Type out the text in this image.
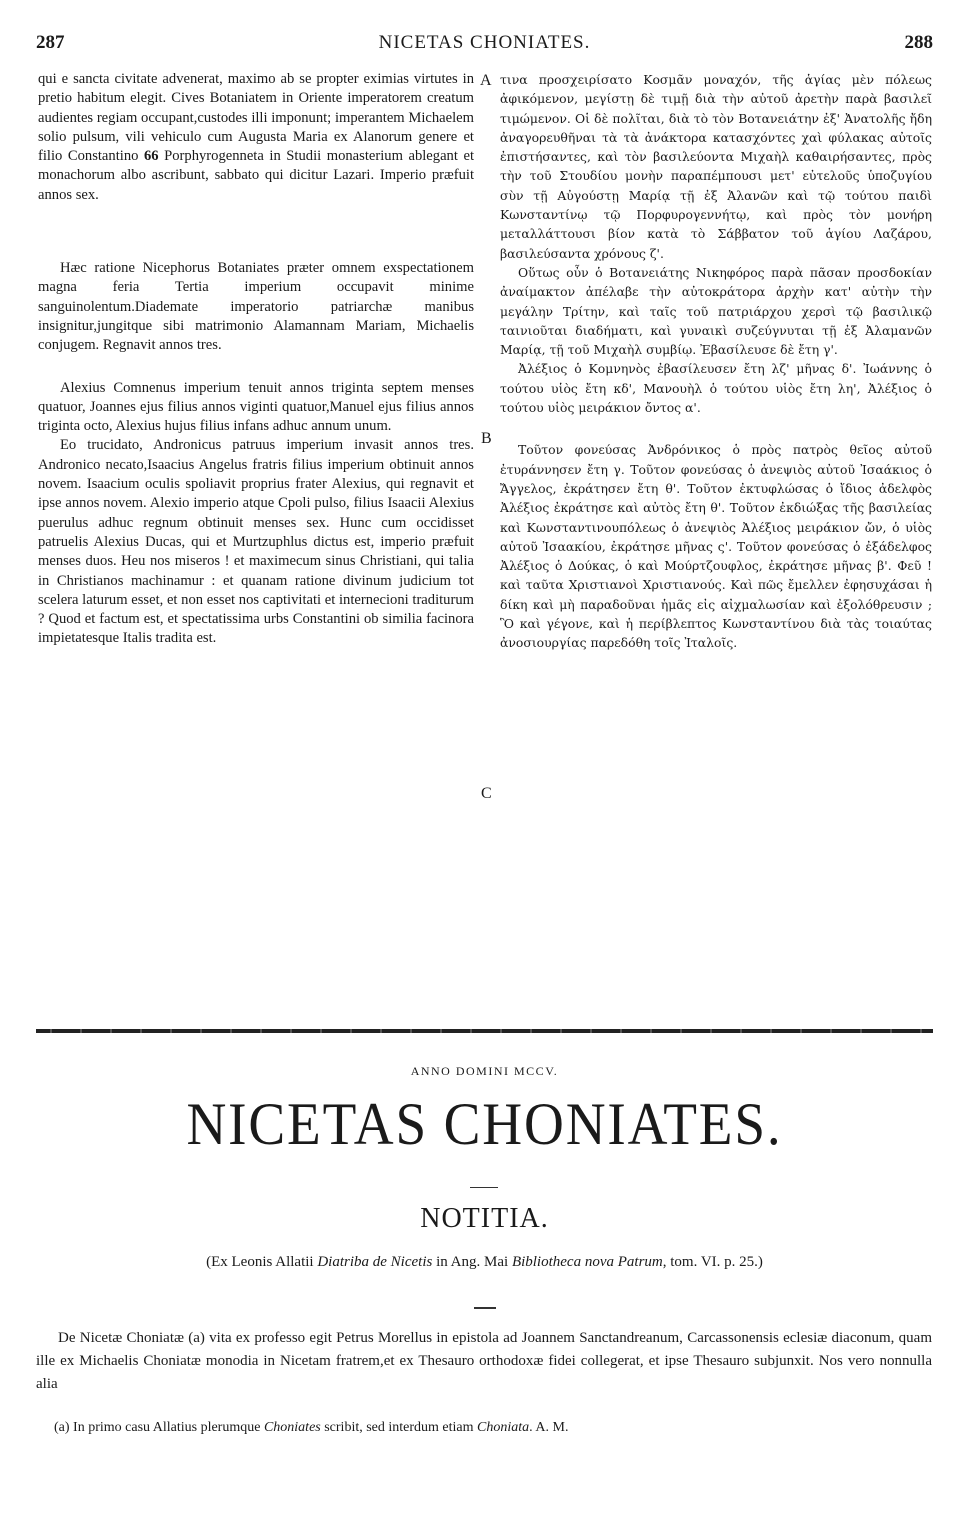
287	NICETAS CHONIATES.	288

qui e sancta civitate advenerat, maximo ab se propter eximias virtutes in pretio habitum elegit. Cives Botaniatem in Oriente imperatorem creatum audientes regiam occupant,custodes illi imponunt; imperantem Michaelem solio pulsum, vili vehiculo cum Augusta Maria ex Alanorum genere et filio Constantino 66 Porphyrogenneta in Studii monasterium ablegant et monachorum albo ascribunt, sabbato qui dicitur Lazari. Imperio præfuit annos sex.

Hæc ratione Nicephorus Botaniates præter omnem exspectationem magna feria Tertia imperium occupavit minime sanguinolentum.Diademate imperatorio patriarchæ manibus insignitur,jungitque sibi matrimonio Alamannam Mariam, Michaelis conjugem. Regnavit annos tres.

Alexius Comnenus imperium tenuit annos triginta septem menses quatuor, Joannes ejus filius annos viginti quatuor,Manuel ejus filius annos triginta octo, Alexius hujus filius infans adhuc annum unum.

Eo trucidato, Andronicus patruus imperium invasit annos tres. Andronico necato,Isaacius Angelus fratris filius imperium obtinuit annos novem. Isaacium oculis spoliavit proprius frater Alexius, qui regnavit et ipse annos novem. Alexio imperio atque Cpoli pulso, filius Isaacii Alexius puerulus adhuc regnum obtinuit menses sex. Hunc cum occidisset patruelis Alexius Ducas, qui et Murtzuphlus dictus est, imperio præfuit menses duos. Heu nos miseros ! et maximecum sinus Christiani, qui talia in Christianos machinamur : et quanam ratione divinum judicium tot scelera laturum esset, et non esset nos captivitati et internecioni traditurum ? Quod et factum est, et spectatissima urbs Constantini ob similia facinora impietatesque Italis tradita est.

A
B
C

τινα προσχειρίσατο Κοσμᾶν μοναχόν, τῆς ἁγίας μὲν πόλεως ἀφικόμενον, μεγίστῃ δὲ τιμῇ διὰ τὴν αὐτοῦ ἀρετὴν παρὰ βασιλεῖ τιμώμενον. Οἱ δὲ πολῖται, διὰ τὸ τὸν Βοτανειάτην ἐξ' Ἀνατολῆς ἤδη ἀναγορευθῆναι τὰ τὰ ἀνάκτορα κατασχόντες χαὶ φύλακας αὐτοῖς ἐπιστήσαντες, καὶ τὸν βασιλεύοντα Μιχαὴλ καθαιρήσαντες, πρὸς τὴν τοῦ Στουδίου μονὴν παραπέμπουσι μετ' εὐτελοῦς ὑποζυγίου σὺν τῇ Αὐγούστῃ Μαρίᾳ τῇ ἐξ Ἀλανῶν καὶ τῷ τούτου παιδὶ Κωνσταντίνῳ τῷ Πορφυρογεννήτῳ, καὶ πρὸς τὸν μονήρη μεταλλάττουσι βίον κατὰ τὸ Σάββατον τοῦ ἁγίου Λαζάρου, βασιλεύσαντα χρόνους ζ'.

Οὕτως οὖν ὁ Βοτανειάτης Νικηφόρος παρὰ πᾶσαν προσδοκίαν ἀναίμακτον ἀπέλαβε τὴν αὐτοκράτορα ἀρχὴν κατ' αὐτὴν τὴν μεγάλην Τρίτην, καὶ ταῖς τοῦ πατριάρχου χερσὶ τῷ βασιλικῷ ταινιοῦται διαδήματι, καὶ γυναικὶ συζεύγνυται τῇ ἐξ Ἀλαμανῶν Μαρίᾳ, τῇ τοῦ Μιχαὴλ συμβίῳ. Ἐβασίλευσε δὲ ἔτη γ'.

Ἀλέξιος ὁ Κομνηνὸς ἐβασίλευσεν ἔτη λζ' μῆνας δ'. Ἰωάννης ὁ τούτου υἱὸς ἔτη κδ', Μανουὴλ ὁ τούτου υἱὸς ἔτη λη', Ἀλέξιος ὁ τούτου υἱὸς μειράκιον ὄντος α'.

Τοῦτον φονεύσας Ἀνδρόνικος ὁ πρὸς πατρὸς θεῖος αὐτοῦ ἐτυράννησεν ἔτη γ. Τοῦτον φονεύσας ὁ ἀνεψιὸς αὐτοῦ Ἰσαάκιος ὁ Ἄγγελος, ἐκράτησεν ἔτη θ'. Τοῦτον ἐκτυφλώσας ὁ ἴδιος ἀδελφὸς Ἀλέξιος ἐκράτησε καὶ αὐτὸς ἔτη θ'. Τοῦτον ἐκδιώξας τῆς βασιλείας καὶ Κωνσταντινουπόλεως ὁ ἀνεψιὸς Ἀλέξιος μειράκιον ὤν, ὁ υἱὸς αὐτοῦ Ἰσαακίου, ἐκράτησε μῆνας ς'. Τοῦτον φονεύσας ὁ ἐξάδελφος Ἀλέξιος ὁ Δούκας, ὁ καὶ Μούρτζουφλος, ἐκράτησε μῆνας β'. Φεῦ ! καὶ ταῦτα Χριστιανοὶ Χριστιανούς. Καὶ πῶς ἔμελλεν ἐφησυχάσαι ἡ δίκη καὶ μὴ παραδοῦναι ἡμᾶς εἰς αἰχμαλωσίαν καὶ ἐξολόθρευσιν ; Ὃ καὶ γέγονε, καὶ ἡ περίβλεπτος Κωνσταντίνου διὰ τὰς τοιαύτας ἀνοσιουργίας παρεδόθη τοῖς Ἰταλοῖς.

ANNO DOMINI MCCV.
NICETAS CHONIATES.
NOTITIA.
(Ex Leonis Allatii Diatriba de Nicetis in Ang. Mai Bibliotheca nova Patrum, tom. VI. p. 25.)

De Nicetæ Choniatæ (a) vita ex professo egit Petrus Morellus in epistola ad Joannem Sanctandreanum, Carcassonensis eclesiæ diaconum, quam ille ex Michaelis Choniatæ monodia in Nicetam fratrem,et ex Thesauro orthodoxæ fidei collegerat, et ipse Thesauro subjunxit. Nos vero nonnulla alia

(a) In primo casu Allatius plerumque Choniates scribit, sed interdum etiam Choniata. A. M.
